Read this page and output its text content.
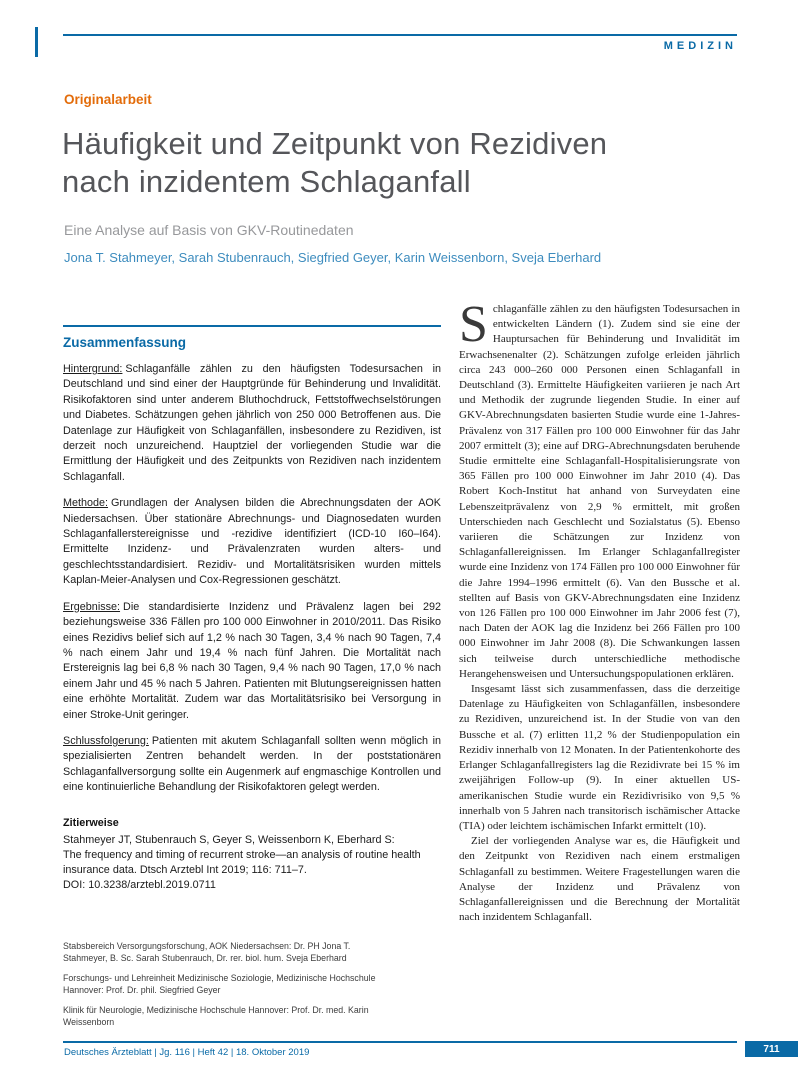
MEDIZIN
Originalarbeit
Häufigkeit und Zeitpunkt von Rezidiven
nach inzidentem Schlaganfall
Eine Analyse auf Basis von GKV-Routinedaten
Jona T. Stahmeyer, Sarah Stubenrauch, Siegfried Geyer, Karin Weissenborn, Sveja Eberhard
Zusammenfassung

Hintergrund: Schlaganfälle zählen zu den häufigsten Todesursachen in Deutschland und sind einer der Hauptgründe für Behinderung und Invalidität. Risikofaktoren sind unter anderem Bluthochdruck, Fettstoffwechselstörungen und Diabetes. Schätzungen gehen jährlich von 250 000 Betroffenen aus. Die Datenlage zur Häufigkeit von Schlaganfällen, insbesondere zu Rezidiven, ist derzeit noch unzureichend. Hauptziel der vorliegenden Studie war die Ermittlung der Häufigkeit und des Zeitpunkts von Rezidiven nach inzidentem Schlaganfall.

Methode: Grundlagen der Analysen bilden die Abrechnungsdaten der AOK Niedersachsen. Über stationäre Abrechnungs- und Diagnosedaten wurden Schlaganfallerstereignisse und -rezidive identifiziert (ICD-10 I60–I64). Ermittelte Inzidenz- und Prävalenzraten wurden alters- und geschlechtsstandardisiert. Rezidiv- und Mortalitätsrisiken wurden mittels Kaplan-Meier-Analysen und Cox-Regressionen geschätzt.

Ergebnisse: Die standardisierte Inzidenz und Prävalenz lagen bei 292 beziehungsweise 336 Fällen pro 100 000 Einwohner in 2010/2011. Das Risiko eines Rezidivs belief sich auf 1,2 % nach 30 Tagen, 3,4 % nach 90 Tagen, 7,4 % nach einem Jahr und 19,4 % nach fünf Jahren. Die Mortalität nach Erstereignis lag bei 6,8 % nach 30 Tagen, 9,4 % nach 90 Tagen, 17,0 % nach einem Jahr und 45 % nach 5 Jahren. Patienten mit Blutungsereignissen hatten eine erhöhte Mortalität. Zudem war das Mortalitätsrisiko bei Versorgung in einer Stroke-Unit geringer.

Schlussfolgerung: Patienten mit akutem Schlaganfall sollten wenn möglich in spezialisierten Zentren behandelt werden. In der poststationären Schlaganfallversorgung sollte ein Augenmerk auf engmaschige Kontrollen und eine kontinuierliche Behandlung der Risikofaktoren gelegt werden.

Zitierweise
Stahmeyer JT, Stubenrauch S, Geyer S, Weissenborn K, Eberhard S:
The frequency and timing of recurrent stroke—an analysis of routine health insurance data. Dtsch Arztebl Int 2019; 116: 711–7.
DOI: 10.3238/arztebl.2019.0711

Stabsbereich Versorgungsforschung, AOK Niedersachsen: Dr. PH Jona T. Stahmeyer, B. Sc. Sarah Stubenrauch, Dr. rer. biol. hum. Sveja Eberhard

Forschungs- und Lehreinheit Medizinische Soziologie, Medizinische Hochschule Hannover: Prof. Dr. phil. Siegfried Geyer

Klinik für Neurologie, Medizinische Hochschule Hannover: Prof. Dr. med. Karin Weissenborn

Schlaganfälle zählen zu den häufigsten Todesursachen in entwickelten Ländern (1). Zudem sind sie eine der Hauptursachen für Behinderung und Invalidität im Erwachsenenalter (2). Schätzungen zufolge erleiden jährlich circa 243 000–260 000 Personen einen Schlaganfall in Deutschland (3). Ermittelte Häufigkeiten variieren je nach Art und Methodik der zugrunde liegenden Studie. In einer auf GKV-Abrechnungsdaten basierten Studie wurde eine 1-Jahres-Prävalenz von 317 Fällen pro 100 000 Einwohner für das Jahr 2007 ermittelt (3); eine auf DRG-Abrechnungsdaten beruhende Studie ermittelte eine Schlaganfall-Hospitalisierungsrate von 365 Fällen pro 100 000 Einwohner im Jahr 2010 (4). Das Robert Koch-Institut hat anhand von Surveydaten eine Lebenszeitprävalenz von 2,9 % ermittelt, mit großen Unterschieden nach Geschlecht und Sozialstatus (5). Ebenso variieren die Schätzungen zur Inzidenz von Schlaganfallereignissen. Im Erlanger Schlaganfallregister wurde eine Inzidenz von 174 Fällen pro 100 000 Einwohner für die Jahre 1994–1996 ermittelt (6). Van den Bussche et al. stellten auf Basis von GKV-Abrechnungsdaten eine Inzidenz von 126 Fällen pro 100 000 Einwohner im Jahr 2006 fest (7), nach Daten der AOK lag die Inzidenz bei 266 Fällen pro 100 000 Einwohner im Jahr 2008 (8). Die Schwankungen lassen sich teilweise durch unterschiedliche methodische Herangehensweisen und Untersuchungspopulationen erklären.

Insgesamt lässt sich zusammenfassen, dass die derzeitige Datenlage zu Häufigkeiten von Schlaganfällen, insbesondere zu Rezidiven, unzureichend ist. In der Studie von van den Bussche et al. (7) erlitten 11,2 % der Studienpopulation ein Rezidiv innerhalb von 12 Monaten. In der Patientenkohorte des Erlanger Schlaganfallregisters lag die Rezidivrate bei 15 % im zweijährigen Follow-up (9). In einer aktuellen US-amerikanischen Studie wurde ein Rezidivrisiko von 9,5 % innerhalb von 5 Jahren nach transitorisch ischämischer Attacke (TIA) oder leichtem ischämischen Infarkt ermittelt (10).

Ziel der vorliegenden Analyse war es, die Häufigkeit und den Zeitpunkt von Rezidiven nach einem erstmaligen Schlaganfall zu bestimmen. Weitere Fragestellungen waren die Analyse der Inzidenz und Prävalenz von Schlaganfallereignissen und die Berechnung der Mortalität nach inzidentem Schlaganfall.

Deutsches Ärzteblatt | Jg. 116 | Heft 42 | 18. Oktober 2019	711
